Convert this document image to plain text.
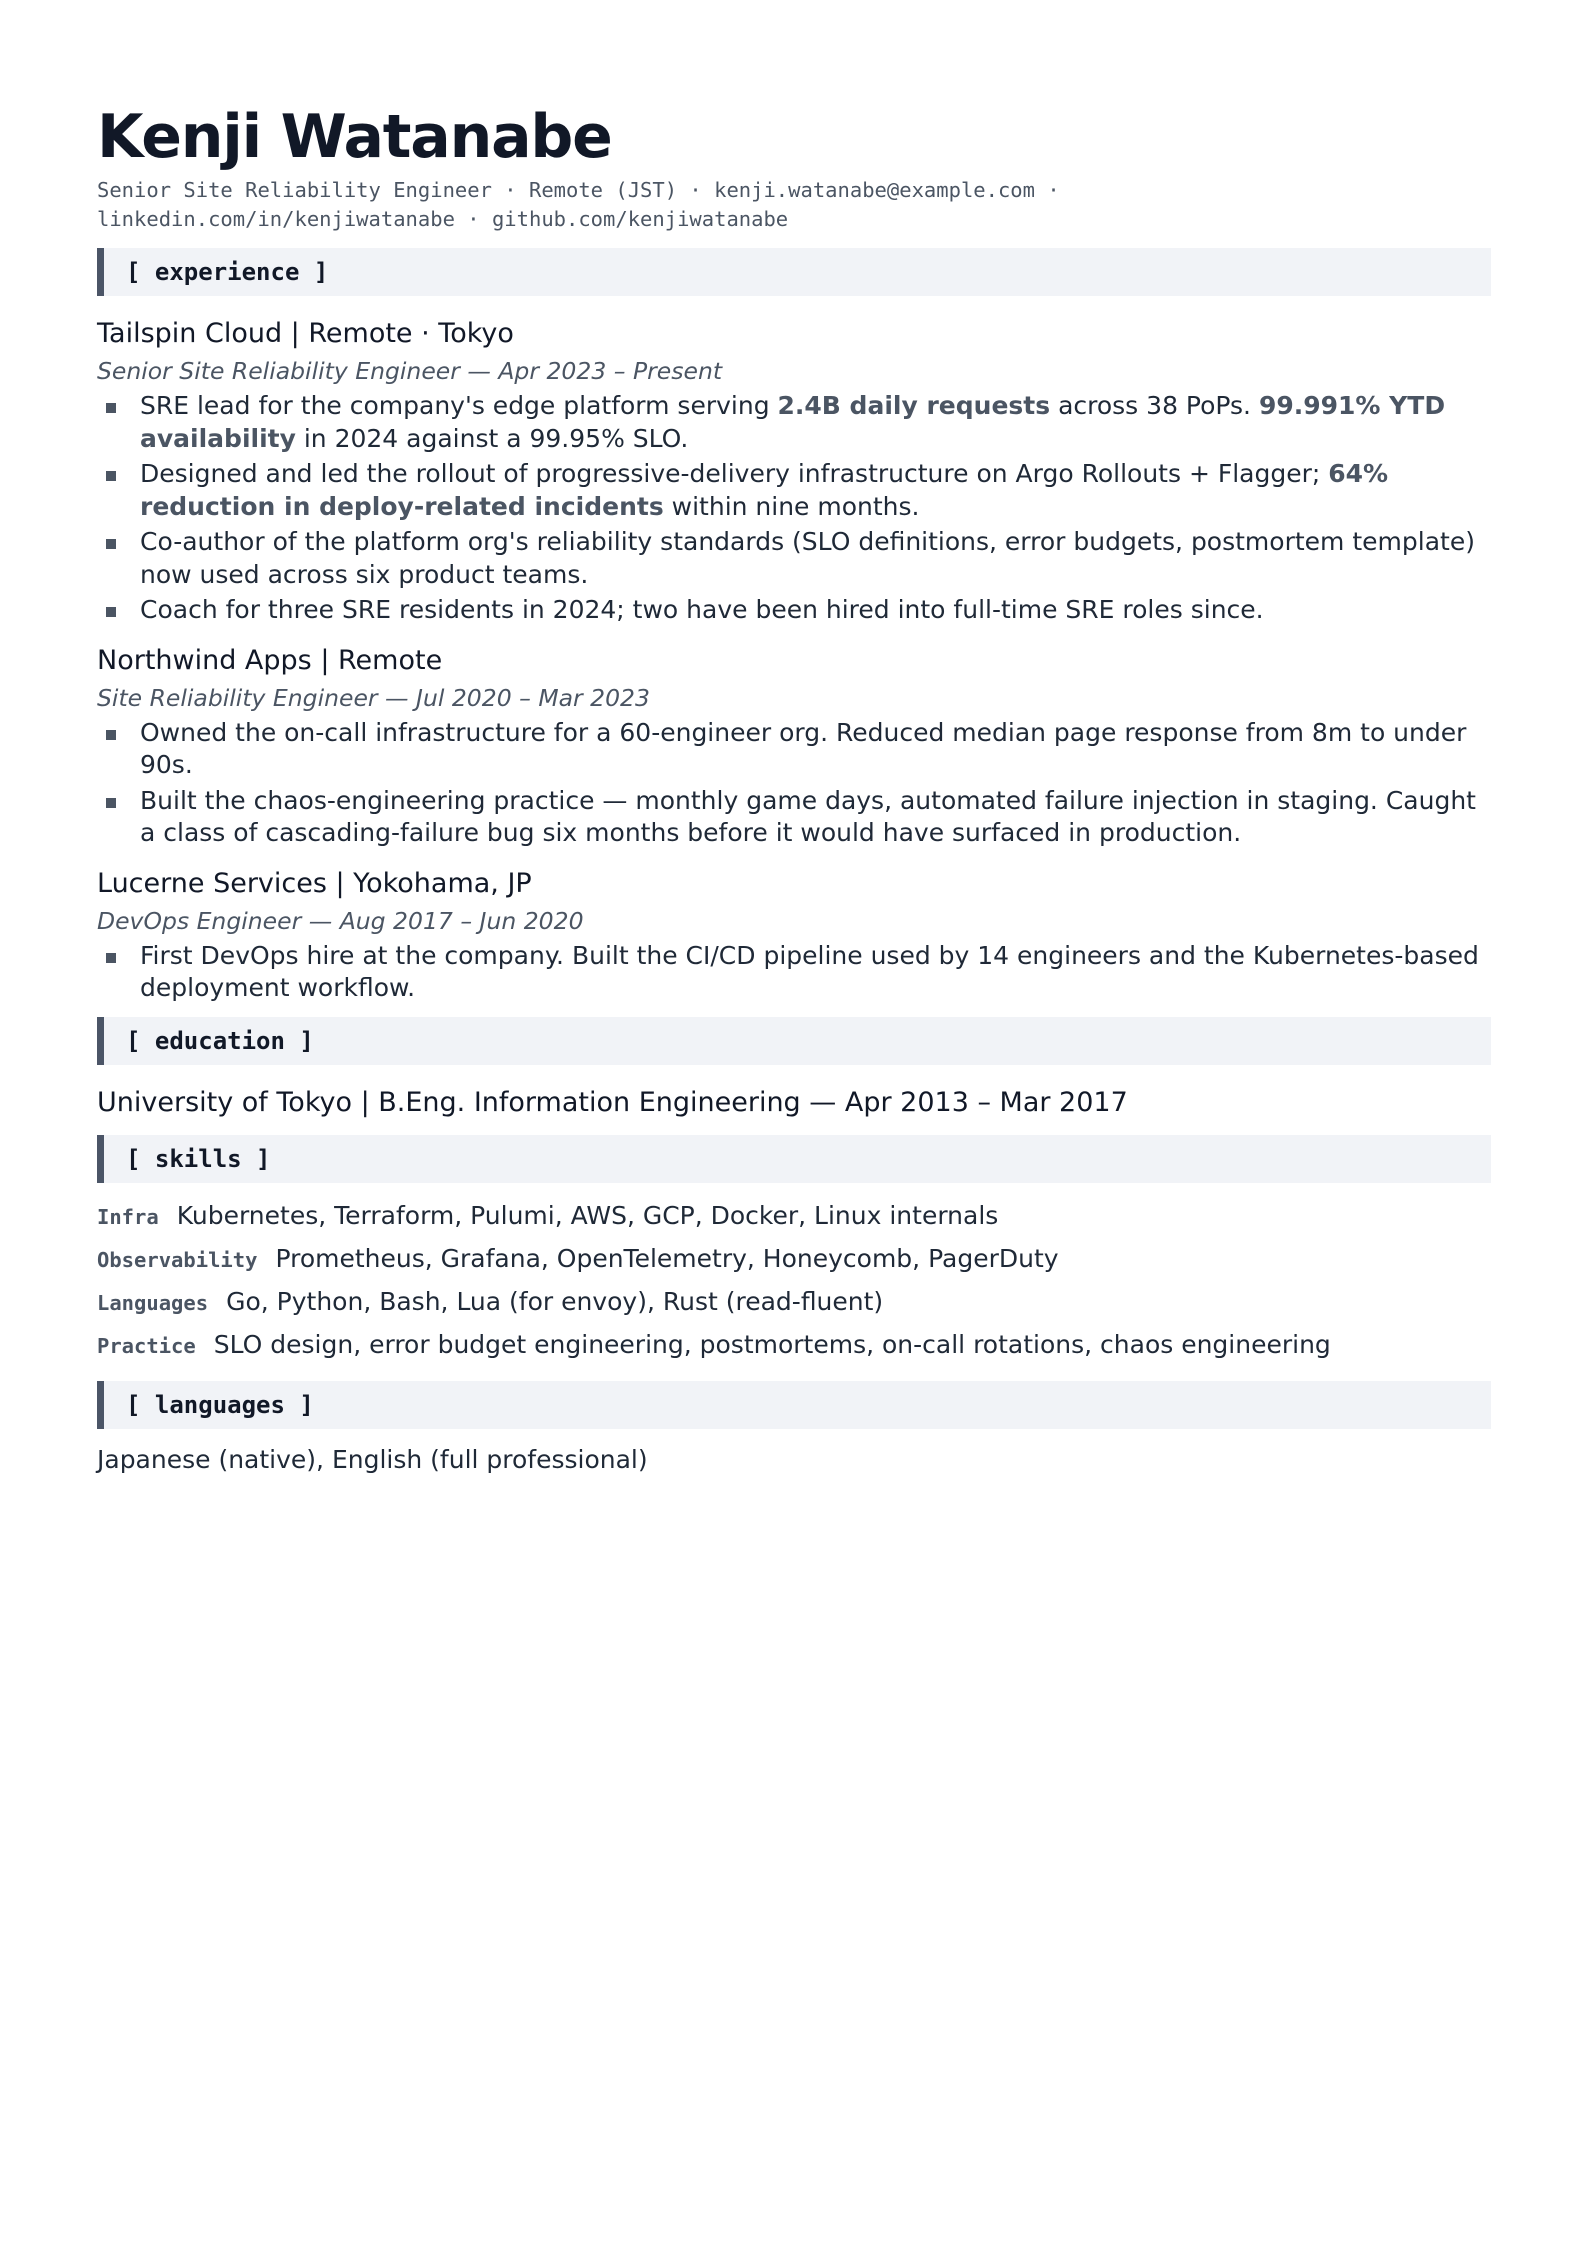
Kenji Watanabe
Senior Site Reliability Engineer · Remote (JST) · kenji.watanabe@example.com ·
linkedin.com/in/kenjiwatanabe · github.com/kenjiwatanabe
[ experience ]
Tailspin Cloud | Remote · Tokyo
Senior Site Reliability Engineer — Apr 2023 – Present
SRE lead for the company's edge platform serving 2.4B daily requests across 38 PoPs. 99.991% YTD availability in 2024 against a 99.95% SLO.
Designed and led the rollout of progressive-delivery infrastructure on Argo Rollouts + Flagger; 64% reduction in deploy-related incidents within nine months.
Co-author of the platform org's reliability standards (SLO definitions, error budgets, postmortem template) now used across six product teams.
Coach for three SRE residents in 2024; two have been hired into full-time SRE roles since.
Northwind Apps | Remote
Site Reliability Engineer — Jul 2020 – Mar 2023
Owned the on-call infrastructure for a 60-engineer org. Reduced median page response from 8m to under 90s.
Built the chaos-engineering practice — monthly game days, automated failure injection in staging. Caught a class of cascading-failure bug six months before it would have surfaced in production.
Lucerne Services | Yokohama, JP
DevOps Engineer — Aug 2017 – Jun 2020
First DevOps hire at the company. Built the CI/CD pipeline used by 14 engineers and the Kubernetes-based deployment workflow.
[ education ]
University of Tokyo | B.Eng. Information Engineering — Apr 2013 – Mar 2017
[ skills ]
Infra Kubernetes, Terraform, Pulumi, AWS, GCP, Docker, Linux internals
Observability Prometheus, Grafana, OpenTelemetry, Honeycomb, PagerDuty
Languages Go, Python, Bash, Lua (for envoy), Rust (read-fluent)
Practice SLO design, error budget engineering, postmortems, on-call rotations, chaos engineering
[ languages ]
Japanese (native), English (full professional)
